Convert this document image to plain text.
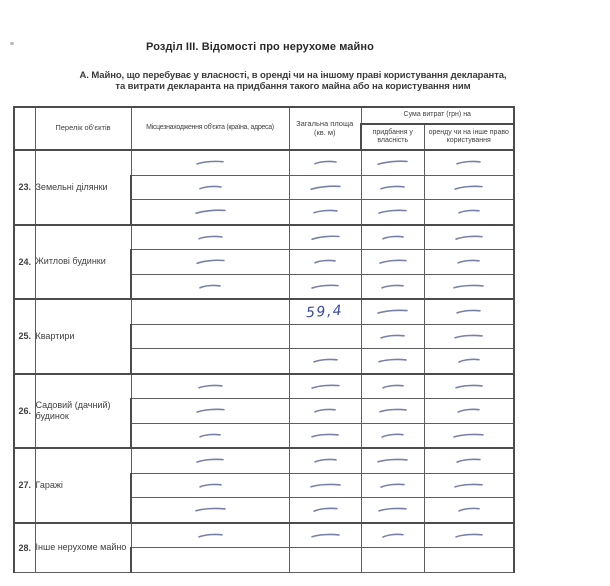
Розділ III. Відомості про нерухоме майно
А. Майно, що перебуває у власності, в оренді чи на іншому праві користування декларанта,
та витрати декларанта на придбання такого майна або на користування ним
	Перелік об'єктів	Місцезнаходження об'єкта (країна, адреса)	Загальна площа (кв. м)	Сума витрат (грн) на	
				придбання у власність	оренду чи на інше право користування
23.	Земельні ділянки				

24.	Житлові будинки				

25.	Квартири		59,4		

26.	Садовий (дачний) будинок				

27.	Гаражі				

28.	Інше нерухоме майно				
